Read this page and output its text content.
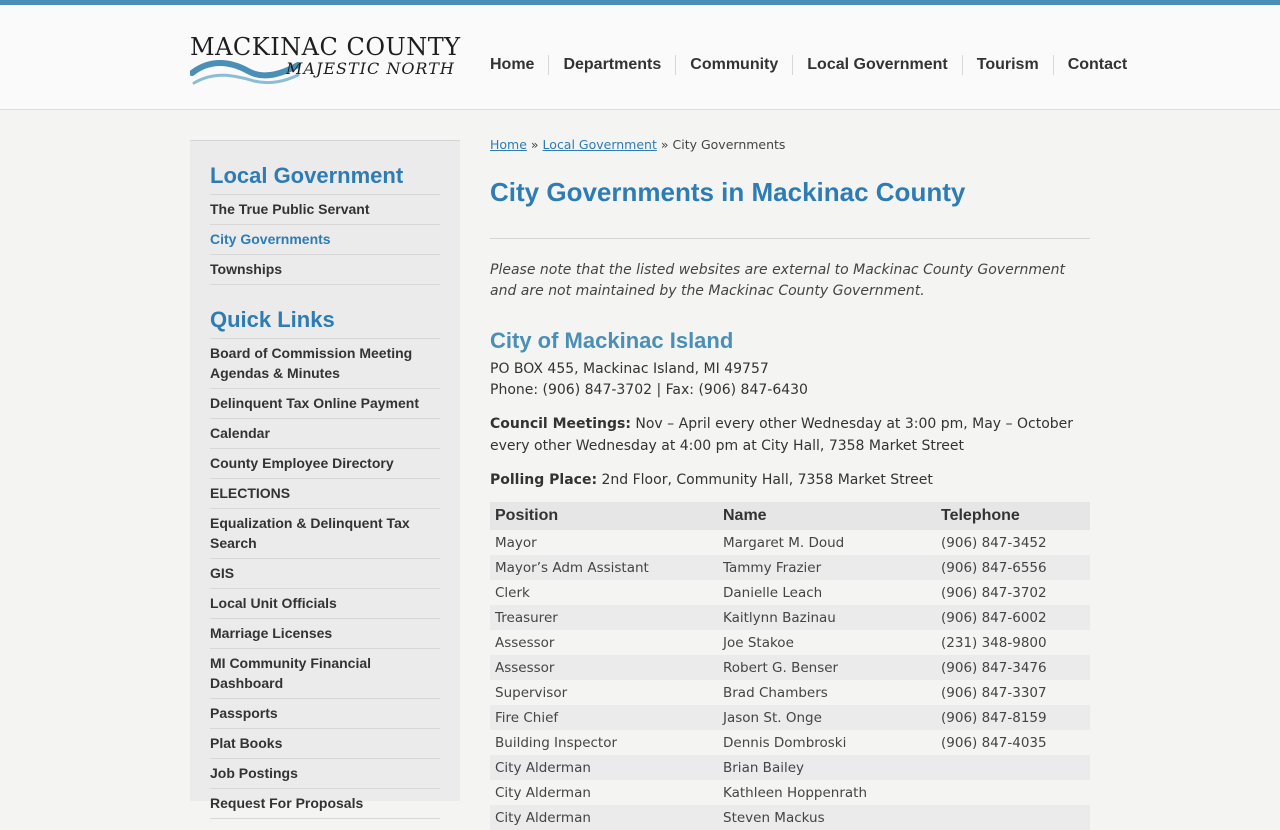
MACKINAC COUNTY
MAJESTIC NORTH	Home	Departments	Community	Local Government	Tourism	Contact
Local Government
The True Public Servant
City Governments
Townships
Quick Links
Board of Commission Meeting Agendas & Minutes
Delinquent Tax Online Payment
Calendar
County Employee Directory
ELECTIONS
Equalization & Delinquent Tax Search
GIS
Local Unit Officials
Marriage Licenses
MI Community Financial Dashboard
Passports
Plat Books
Job Postings
Request For Proposals
Home » Local Government » City Governments
City Governments in Mackinac County

Please note that the listed websites are external to Mackinac County Government and are not maintained by the Mackinac County Government.

City of Mackinac Island

PO BOX 455, Mackinac Island, MI 49757
Phone: (906) 847-3702 | Fax: (906) 847-6430

Council Meetings: Nov – April every other Wednesday at 3:00 pm, May – October every other Wednesday at 4:00 pm at City Hall, 7358 Market Street

Polling Place: 2nd Floor, Community Hall, 7358 Market Street

Position	Name	Telephone
Mayor	Margaret M. Doud	(906) 847-3452
Mayor’s Adm Assistant	Tammy Frazier	(906) 847-6556
Clerk	Danielle Leach	(906) 847-3702
Treasurer	Kaitlynn Bazinau	(906) 847-6002
Assessor	Joe Stakoe	(231) 348-9800
Assessor	Robert G. Benser	(906) 847-3476
Supervisor	Brad Chambers	(906) 847-3307
Fire Chief	Jason St. Onge	(906) 847-8159
Building Inspector	Dennis Dombroski	(906) 847-4035
City Alderman	Brian Bailey	
City Alderman	Kathleen Hoppenrath	
City Alderman	Steven Mackus	
